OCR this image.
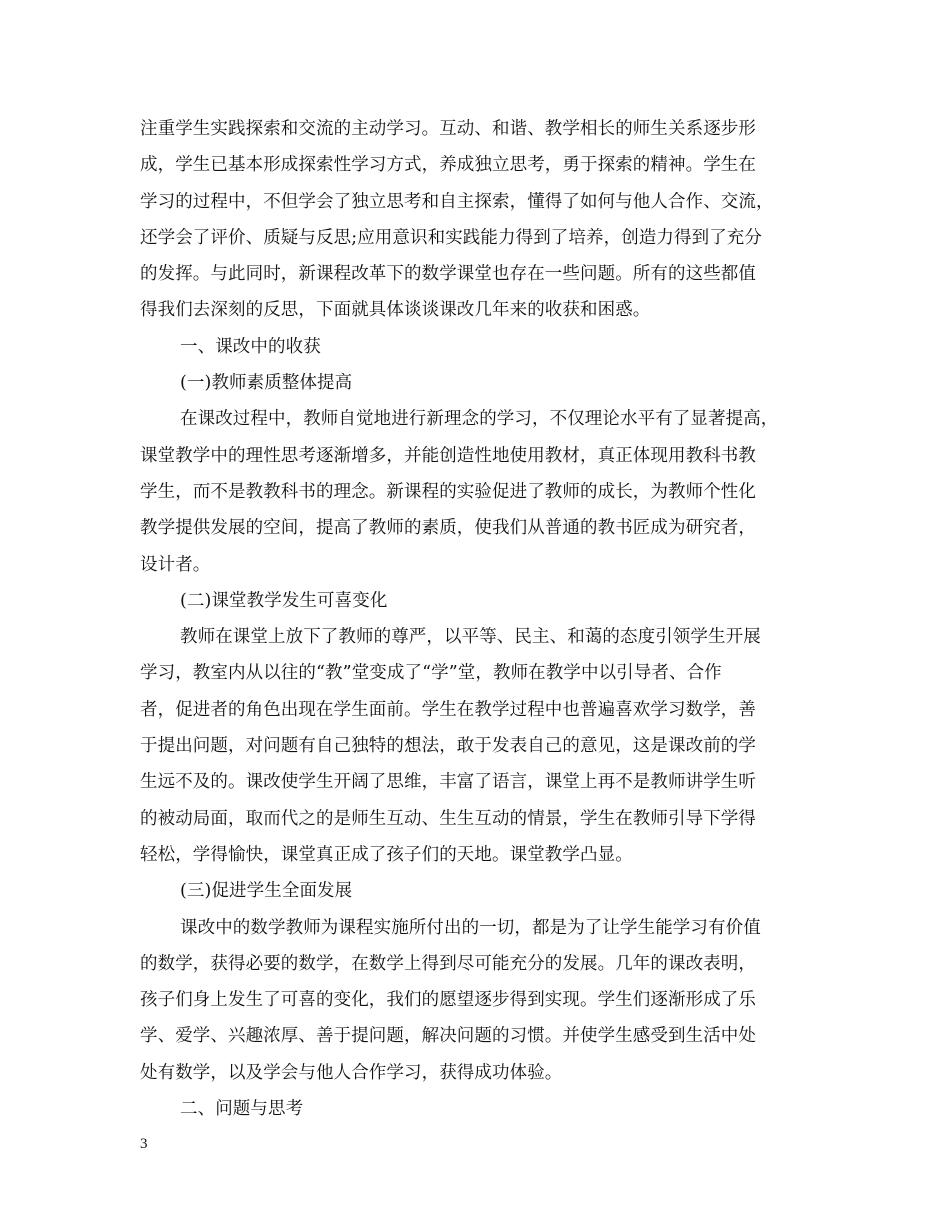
注重学生实践探索和交流的主动学习。互动、和谐、教学相长的师生关系逐步形
成，学生已基本形成探索性学习方式，养成独立思考，勇于探索的精神。学生在
学习的过程中，不但学会了独立思考和自主探索，懂得了如何与他人合作、交流，
还学会了评价、质疑与反思;应用意识和实践能力得到了培养，创造力得到了充分
的发挥。与此同时，新课程改革下的数学课堂也存在一些问题。所有的这些都值
得我们去深刻的反思，下面就具体谈谈课改几年来的收获和困惑。
一、课改中的收获
(一)教师素质整体提高
在课改过程中，教师自觉地进行新理念的学习，不仅理论水平有了显著提高，
课堂教学中的理性思考逐渐增多，并能创造性地使用教材，真正体现用教科书教
学生，而不是教教科书的理念。新课程的实验促进了教师的成长，为教师个性化
教学提供发展的空间，提高了教师的素质，使我们从普通的教书匠成为研究者，
设计者。
(二)课堂教学发生可喜变化
教师在课堂上放下了教师的尊严，以平等、民主、和蔼的态度引领学生开展
学习，教室内从以往的“教”堂变成了“学”堂，教师在教学中以引导者、合作
者，促进者的角色出现在学生面前。学生在教学过程中也普遍喜欢学习数学，善
于提出问题，对问题有自己独特的想法，敢于发表自己的意见，这是课改前的学
生远不及的。课改使学生开阔了思维，丰富了语言，课堂上再不是教师讲学生听
的被动局面，取而代之的是师生互动、生生互动的情景，学生在教师引导下学得
轻松，学得愉快，课堂真正成了孩子们的天地。课堂教学凸显。
(三)促进学生全面发展
课改中的数学教师为课程实施所付出的一切，都是为了让学生能学习有价值
的数学，获得必要的数学，在数学上得到尽可能充分的发展。几年的课改表明，
孩子们身上发生了可喜的变化，我们的愿望逐步得到实现。学生们逐渐形成了乐
学、爱学、兴趣浓厚、善于提问题，解决问题的习惯。并使学生感受到生活中处
处有数学，以及学会与他人合作学习，获得成功体验。
二、问题与思考
3
